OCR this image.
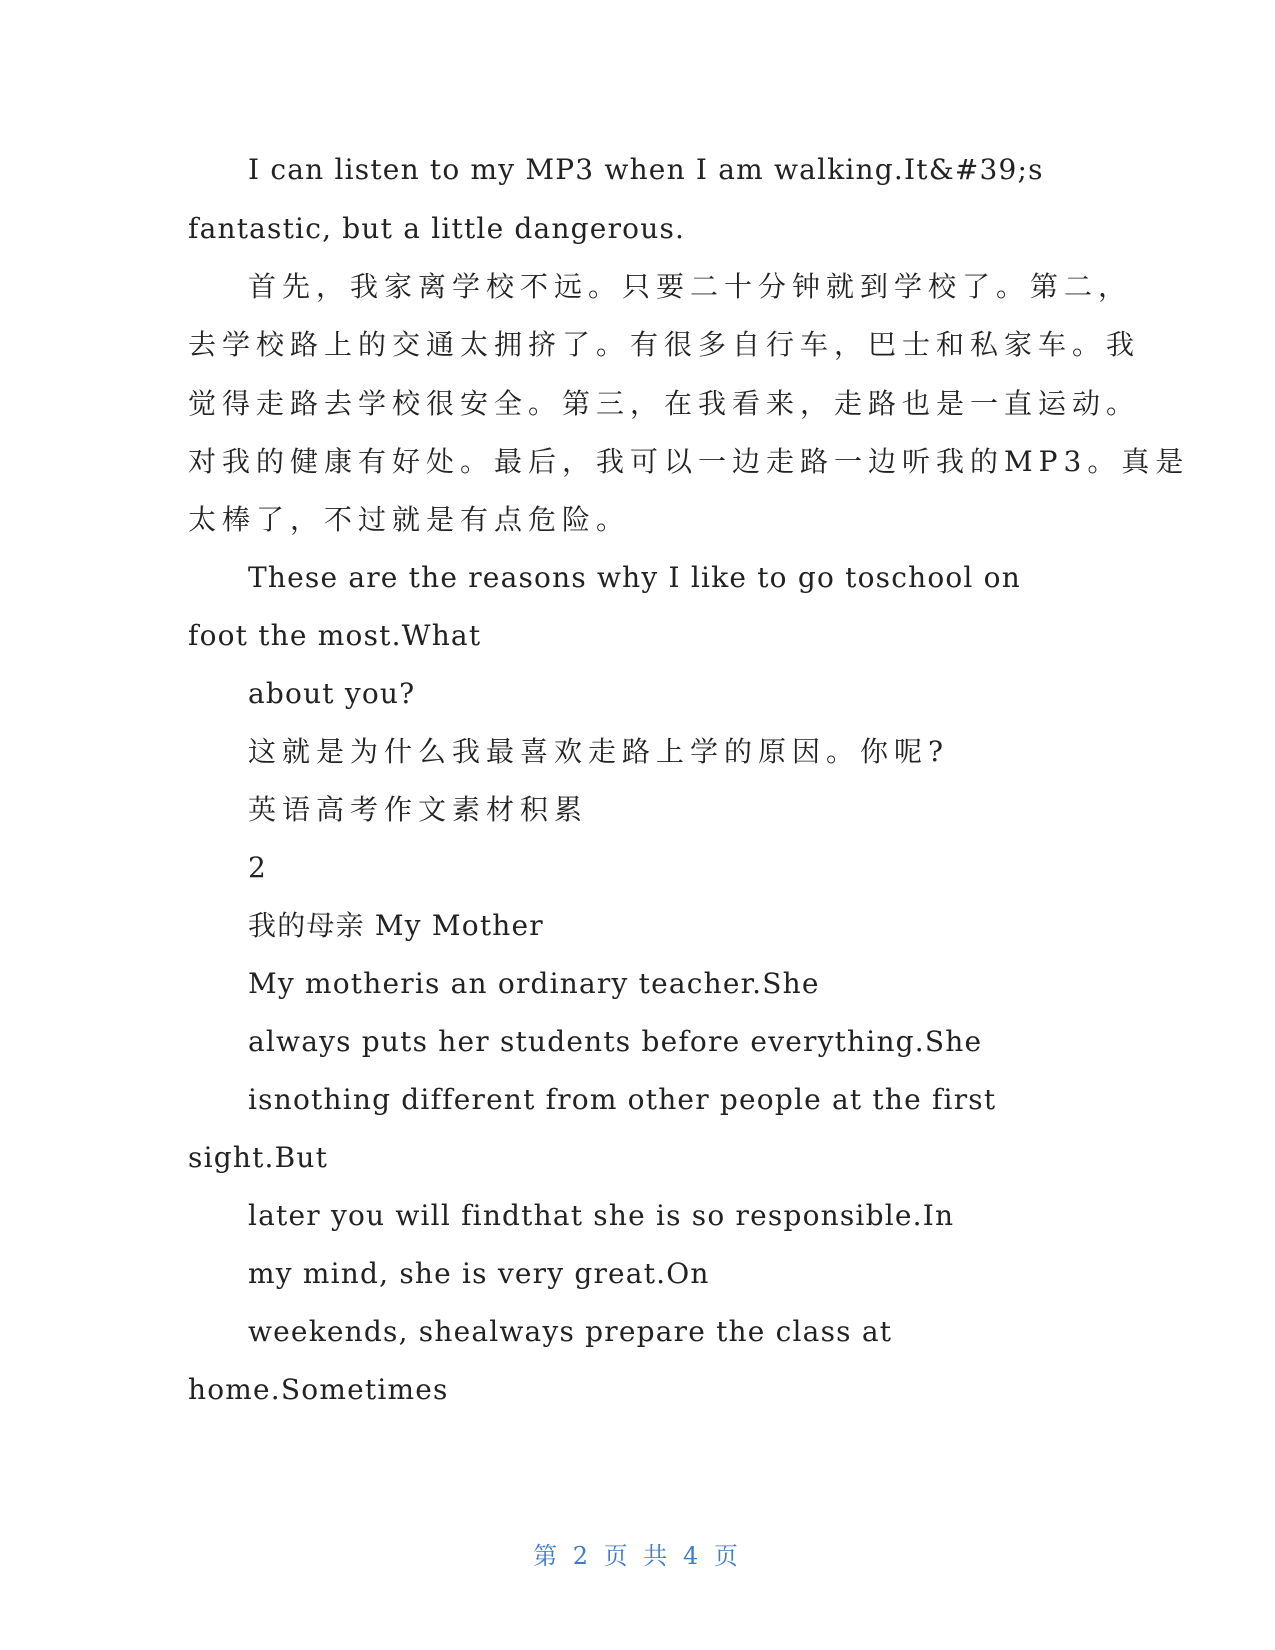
I can listen to my MP3 when I am walking.It&#39;s
fantastic, but a little dangerous.
首先，我家离学校不远。只要二十分钟就到学校了。第二，
去学校路上的交通太拥挤了。有很多自行车，巴士和私家车。我
觉得走路去学校很安全。第三，在我看来，走路也是一直运动。
对我的健康有好处。最后，我可以一边走路一边听我的MP3。真是
太棒了，不过就是有点危险。
These are the reasons why I like to go toschool on
foot the most.What
about you?
这就是为什么我最喜欢走路上学的原因。你呢?
英语高考作文素材积累
2
我的母亲 My Mother
My motheris an ordinary teacher.She
always puts her students before everything.She
isnothing different from other people at the first
sight.But
later you will findthat she is so responsible.In
my mind, she is very great.On
weekends, shealways prepare the class at
home.Sometimes
第 2 页 共 4 页
